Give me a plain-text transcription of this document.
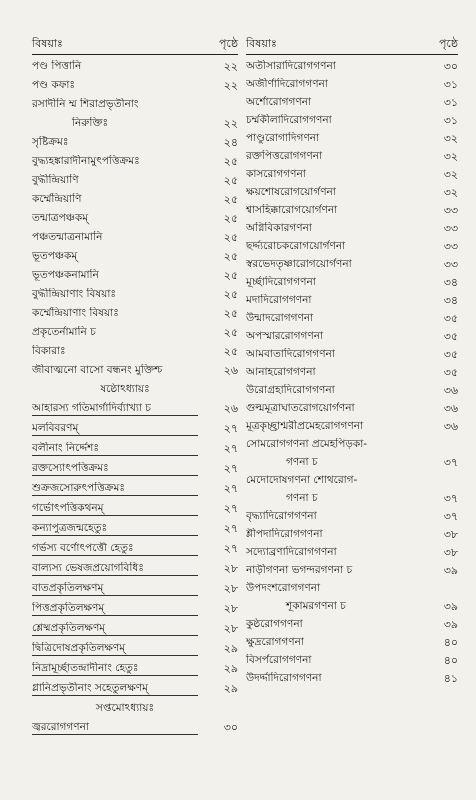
বিষয়াঃ	পৃষ্ঠে
পণ্ড পিত্তানি	২২
পণ্ড কফাঃ	২২
রসাদীনি ম্ম শিরাপ্রভৃতীনাং
নিরুক্তিঃ	২২
সৃষ্টিক্রমঃ	২৪
বুদ্ধ্যহঙ্কারাদীনামুৎপত্তিক্রমঃ	২৫
বুদ্ধীন্দ্রিয়াণি	২৫
কর্ম্মেন্দ্রিয়াণি	২৫
তন্মাত্রপঞ্চকম্	২৫
পঞ্চতন্মাত্রনামানি	২৫
ভূতপঞ্চকম্	২৫
ভূতপঞ্চকনামানি	২৫
বুদ্ধীন্দ্রিয়াণাং বিষয়াঃ	২৫
কর্ম্মেন্দ্রিয়াণাং বিষয়াঃ	২৫
প্রকৃতের্নামানি চ	২৫
বিকারাঃ	২৫
জীবাত্মনো বাসো বন্ধনং মুক্তিশ্চ	২৬
ষষ্ঠোঽধ্যায়ঃ
আহারস্য গতিমার্গাদির্ব্যাখ্যা চ	২৬
মলবিবরণম্	২৭
বলীনাং নির্দ্দেশঃ	২৭
রক্তস্যোৎপত্তিক্রমঃ	২৭
শুক্রজসোরুৎপত্তিক্রমঃ	২৭
গর্ভোৎপত্তিকথনম্	২৭
কন্যাপুত্রজন্মহেতুঃ	২৭
গর্ভস্য বর্ণোৎপত্তৌ হেতুঃ	২৭
বাল্যস্য ভেষজপ্রয়োগবিধিঃ	২৮
বাতপ্রকৃতিলক্ষণম্	২৮
পিত্তপ্রকৃতিলক্ষণম্	২৮
শ্লেষ্মপ্রকৃতিলক্ষণম্	২৮
দ্বিত্রিদোষপ্রকৃতিলক্ষণম্	২৯
নিদ্রামূর্চ্ছাতন্দ্রাদীনাং হেতুঃ	২৯
গ্লানিপ্রভৃতীনাং সহেতুলক্ষণম্	২৯
সপ্তমোঽধ্যায়ঃ
জ্বররোগগণনা	৩০
বিষয়াঃ	পৃষ্ঠে
অতীসারাদিরোগগণনা	৩০
অজীর্ণাদিরোগগণনা	৩১
অর্শোরোগগণনা	৩১
চর্ম্মকীলাদিরোগগণনা	৩১
পাণ্ডুরোগাদিগণনা	৩২
রক্তপিত্তরোগগণনা	৩২
কাসরোগগণনা	৩২
ক্ষয়শোষরোগয়োর্গণনা	৩২
শ্বাসহিক্কারোগয়োর্গণনা	৩৩
অগ্নিবিকারগণনা	৩৩
ছর্দ্দ্যরোচকরোগয়োর্গণনা	৩৩
স্বরভেদতৃষ্ণারোগয়োর্গণনা	৩৩
মূর্চ্ছাদিরোগগণনা	৩৪
মদাদিরোগগণনা	৩৪
উন্মাদরোগগণনা	৩৫
অপস্মাররোগগণনা	৩৫
আমবাতাদিরোগগণনা	৩৫
আনাহরোগগণনা	৩৫
উরোগ্রহাদিরোগগণনা	৩৬
গুল্মমূত্রাঘাতরোগয়োর্গণনা	৩৬
মূত্রকৃচ্ছ্রাশ্মরীপ্রমেহরোগগণনা	৩৬
সোমরোগগণনা প্রমেহপিড়কা-
গণনা চ	৩৭
মেদোদোষগণনা শোথরোগ-
গণনা চ	৩৭
বৃদ্ধ্যাদিরোগগণনা	৩৭
শ্লীপদাদিরোগগণনা	৩৮
সদ্যোব্রণাদিরোগগণনা	৩৮
নাড়ীগণনা ভগন্দরগণনা চ	৩৯
উপদংশরোগগণনা
শূকামরগণনা চ	৩৯
কুষ্ঠরোগগণনা	৩৯
ক্ষুদ্ররোগগণনা	৪০
বিসর্পরোগগণনা	৪০
উদর্দ্দাদিরোগগণনা	৪১
